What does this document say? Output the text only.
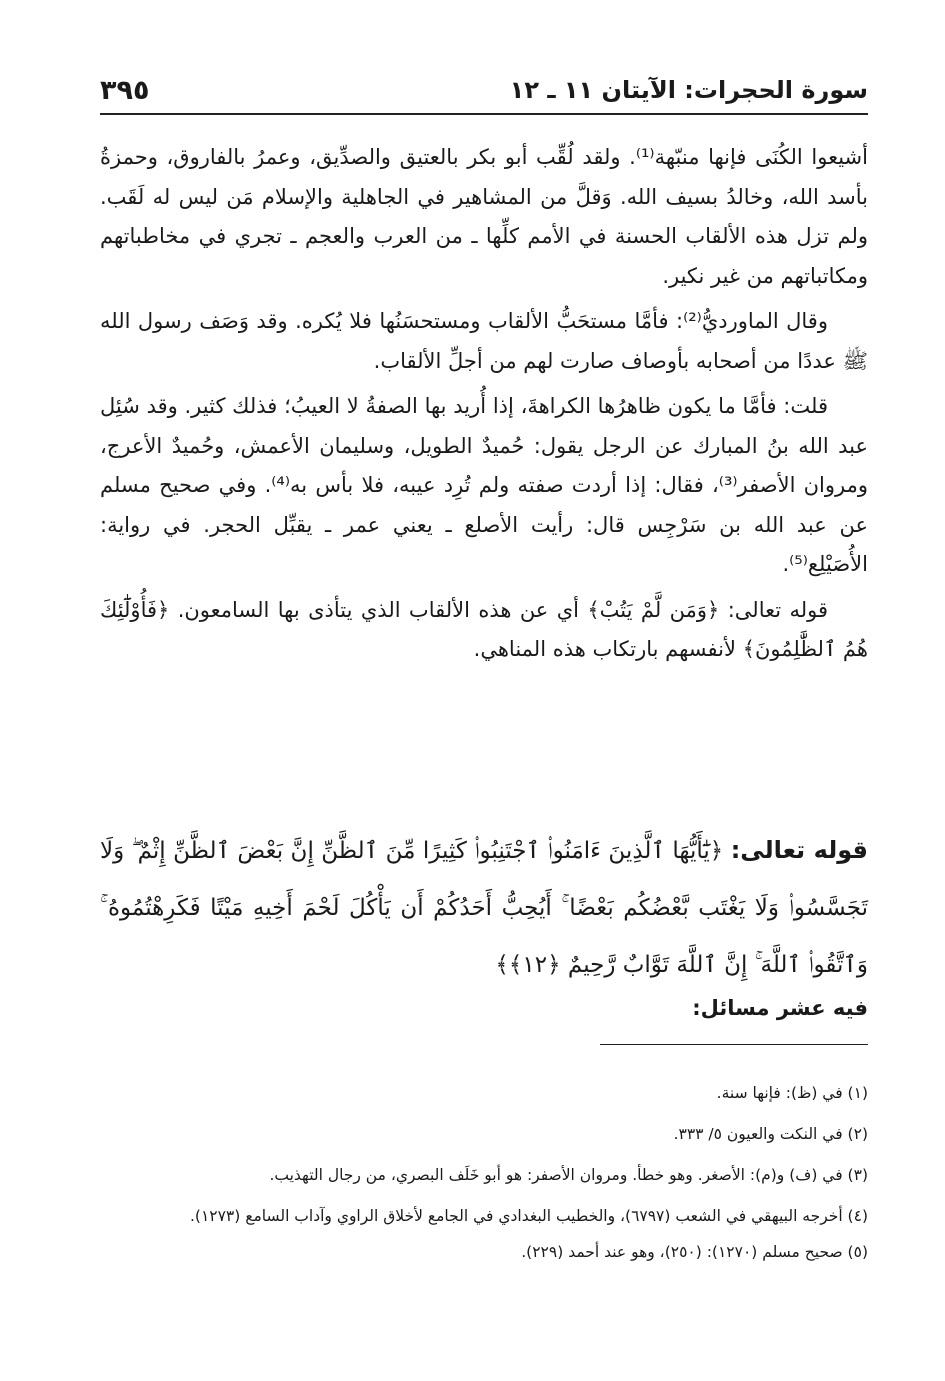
سورة الحجرات: الآيتان ١١ ـ ١٢
٣٩٥

أشيعوا الكُنَى فإنها منبّهة⁽¹⁾. ولقد لُقِّب أبو بكر بالعتيق والصدِّيق، وعمرُ بالفاروق، وحمزةُ بأسد الله، وخالدُ بسيف الله. وَقلَّ من المشاهير في الجاهلية والإسلام مَن ليس له لَقَب. ولم تزل هذه الألقاب الحسنة في الأمم كلِّها ـ من العرب والعجم ـ تجري في مخاطباتهم ومكاتباتهم من غير نكير.

وقال الماورديُّ⁽²⁾: فأمَّا مستحَبُّ الألقاب ومستحسَنُها فلا يُكره. وقد وَصَف رسول الله ﷺ عددًا من أصحابه بأوصاف صارت لهم من أجلِّ الألقاب.

قلت: فأمَّا ما يكون ظاهرُها الكراهةَ، إذا أُريد بها الصفةُ لا العيبُ؛ فذلك كثير. وقد سُئِل عبد الله بنُ المبارك عن الرجل يقول: حُميدٌ الطويل، وسليمان الأعمش، وحُميدٌ الأعرج، ومروان الأصفر⁽³⁾، فقال: إذا أردت صفته ولم تُرِد عيبه، فلا بأس به⁽⁴⁾. وفي صحيح مسلم عن عبد الله بن سَرْجِس قال: رأيت الأصلع ـ يعني عمر ـ يقبِّل الحجر. في رواية: الأُصَيْلِع⁽⁵⁾.

قوله تعالى: ﴿وَمَن لَّمْ يَتُبْ﴾ أي عن هذه الألقاب الذي يتأذى بها السامعون. ﴿فَأُوْلَٰٓئِكَ هُمُ ٱلظَّٰلِمُونَ﴾ لأنفسهم بارتكاب هذه المناهي.

قوله تعالى: ﴿يَٰٓأَيُّهَا ٱلَّذِينَ ءَامَنُوا۟ ٱجْتَنِبُوا۟ كَثِيرًا مِّنَ ٱلظَّنِّ إِنَّ بَعْضَ ٱلظَّنِّ إِثْمٌ ۖ وَلَا تَجَسَّسُوا۟ وَلَا يَغْتَب بَّعْضُكُم بَعْضًا ۚ أَيُحِبُّ أَحَدُكُمْ أَن يَأْكُلَ لَحْمَ أَخِيهِ مَيْتًا فَكَرِهْتُمُوهُ ۚ وَٱتَّقُوا۟ ٱللَّهَ ۚ إِنَّ ٱللَّهَ تَوَّابٌ رَّحِيمٌ ﴿١٢﴾﴾
فيه عشر مسائل:
(١) في (ظ): فإنها سنة.
(٢) في النكت والعيون ٥/ ٣٣٣.
(٣) في (ف) و(م): الأصغر. وهو خطأ. ومروان الأصفر: هو أبو خَلَف البصري، من رجال التهذيب.
(٤) أخرجه البيهقي في الشعب (٦٧٩٧)، والخطيب البغدادي في الجامع لأخلاق الراوي وآداب السامع (١٢٧٣).
(٥) صحيح مسلم (١٢٧٠): (٢٥٠)، وهو عند أحمد (٢٢٩).
